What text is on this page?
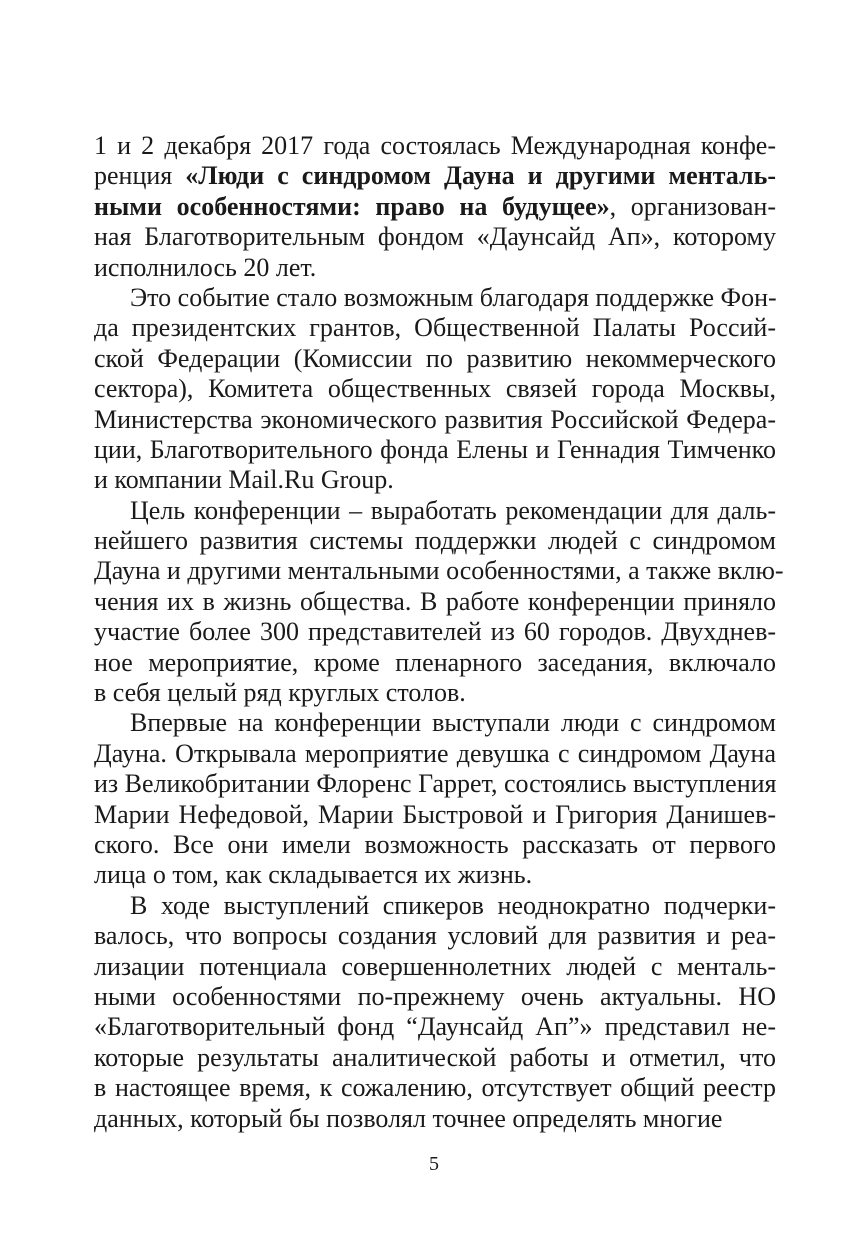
1 и 2 декабря 2017 года состоялась Международная конфе-
ренция «Люди с синдромом Дауна и другими менталь-
ными особенностями: право на будущее», организован-
ная Благотворительным фондом «Даунсайд Ап», которому
исполнилось 20 лет.
Это событие стало возможным благодаря поддержке Фон-
да президентских грантов, Общественной Палаты Россий-
ской Федерации (Комиссии по развитию некоммерческого
сектора), Комитета общественных связей города Москвы,
Министерства экономического развития Российской Федера-
ции, Благотворительного фонда Елены и Геннадия Тимченко
и компании Mail.Ru Group.
Цель конференции – выработать рекомендации для даль-
нейшего развития системы поддержки людей с синдромом
Дауна и другими ментальными особенностями, а также вклю-
чения их в жизнь общества. В работе конференции приняло
участие более 300 представителей из 60 городов. Двухднев-
ное мероприятие, кроме пленарного заседания, включало
в себя целый ряд круглых столов.
Впервые на конференции выступали люди с синдромом
Дауна. Открывала мероприятие девушка с синдромом Дауна
из Великобритании Флоренс Гаррет, состоялись выступления
Марии Нефедовой, Марии Быстровой и Григория Данишев-
ского. Все они имели возможность рассказать от первого
лица о том, как складывается их жизнь.
В ходе выступлений спикеров неоднократно подчерки-
валось, что вопросы создания условий для развития и реа-
лизации потенциала совершеннолетних людей с менталь-
ными особенностями по-прежнему очень актуальны. НО
«Благотворительный фонд “Даунсайд Ап”» представил не-
которые результаты аналитической работы и отметил, что
в настоящее время, к сожалению, отсутствует общий реестр
данных, который бы позволял точнее определять многие
5
